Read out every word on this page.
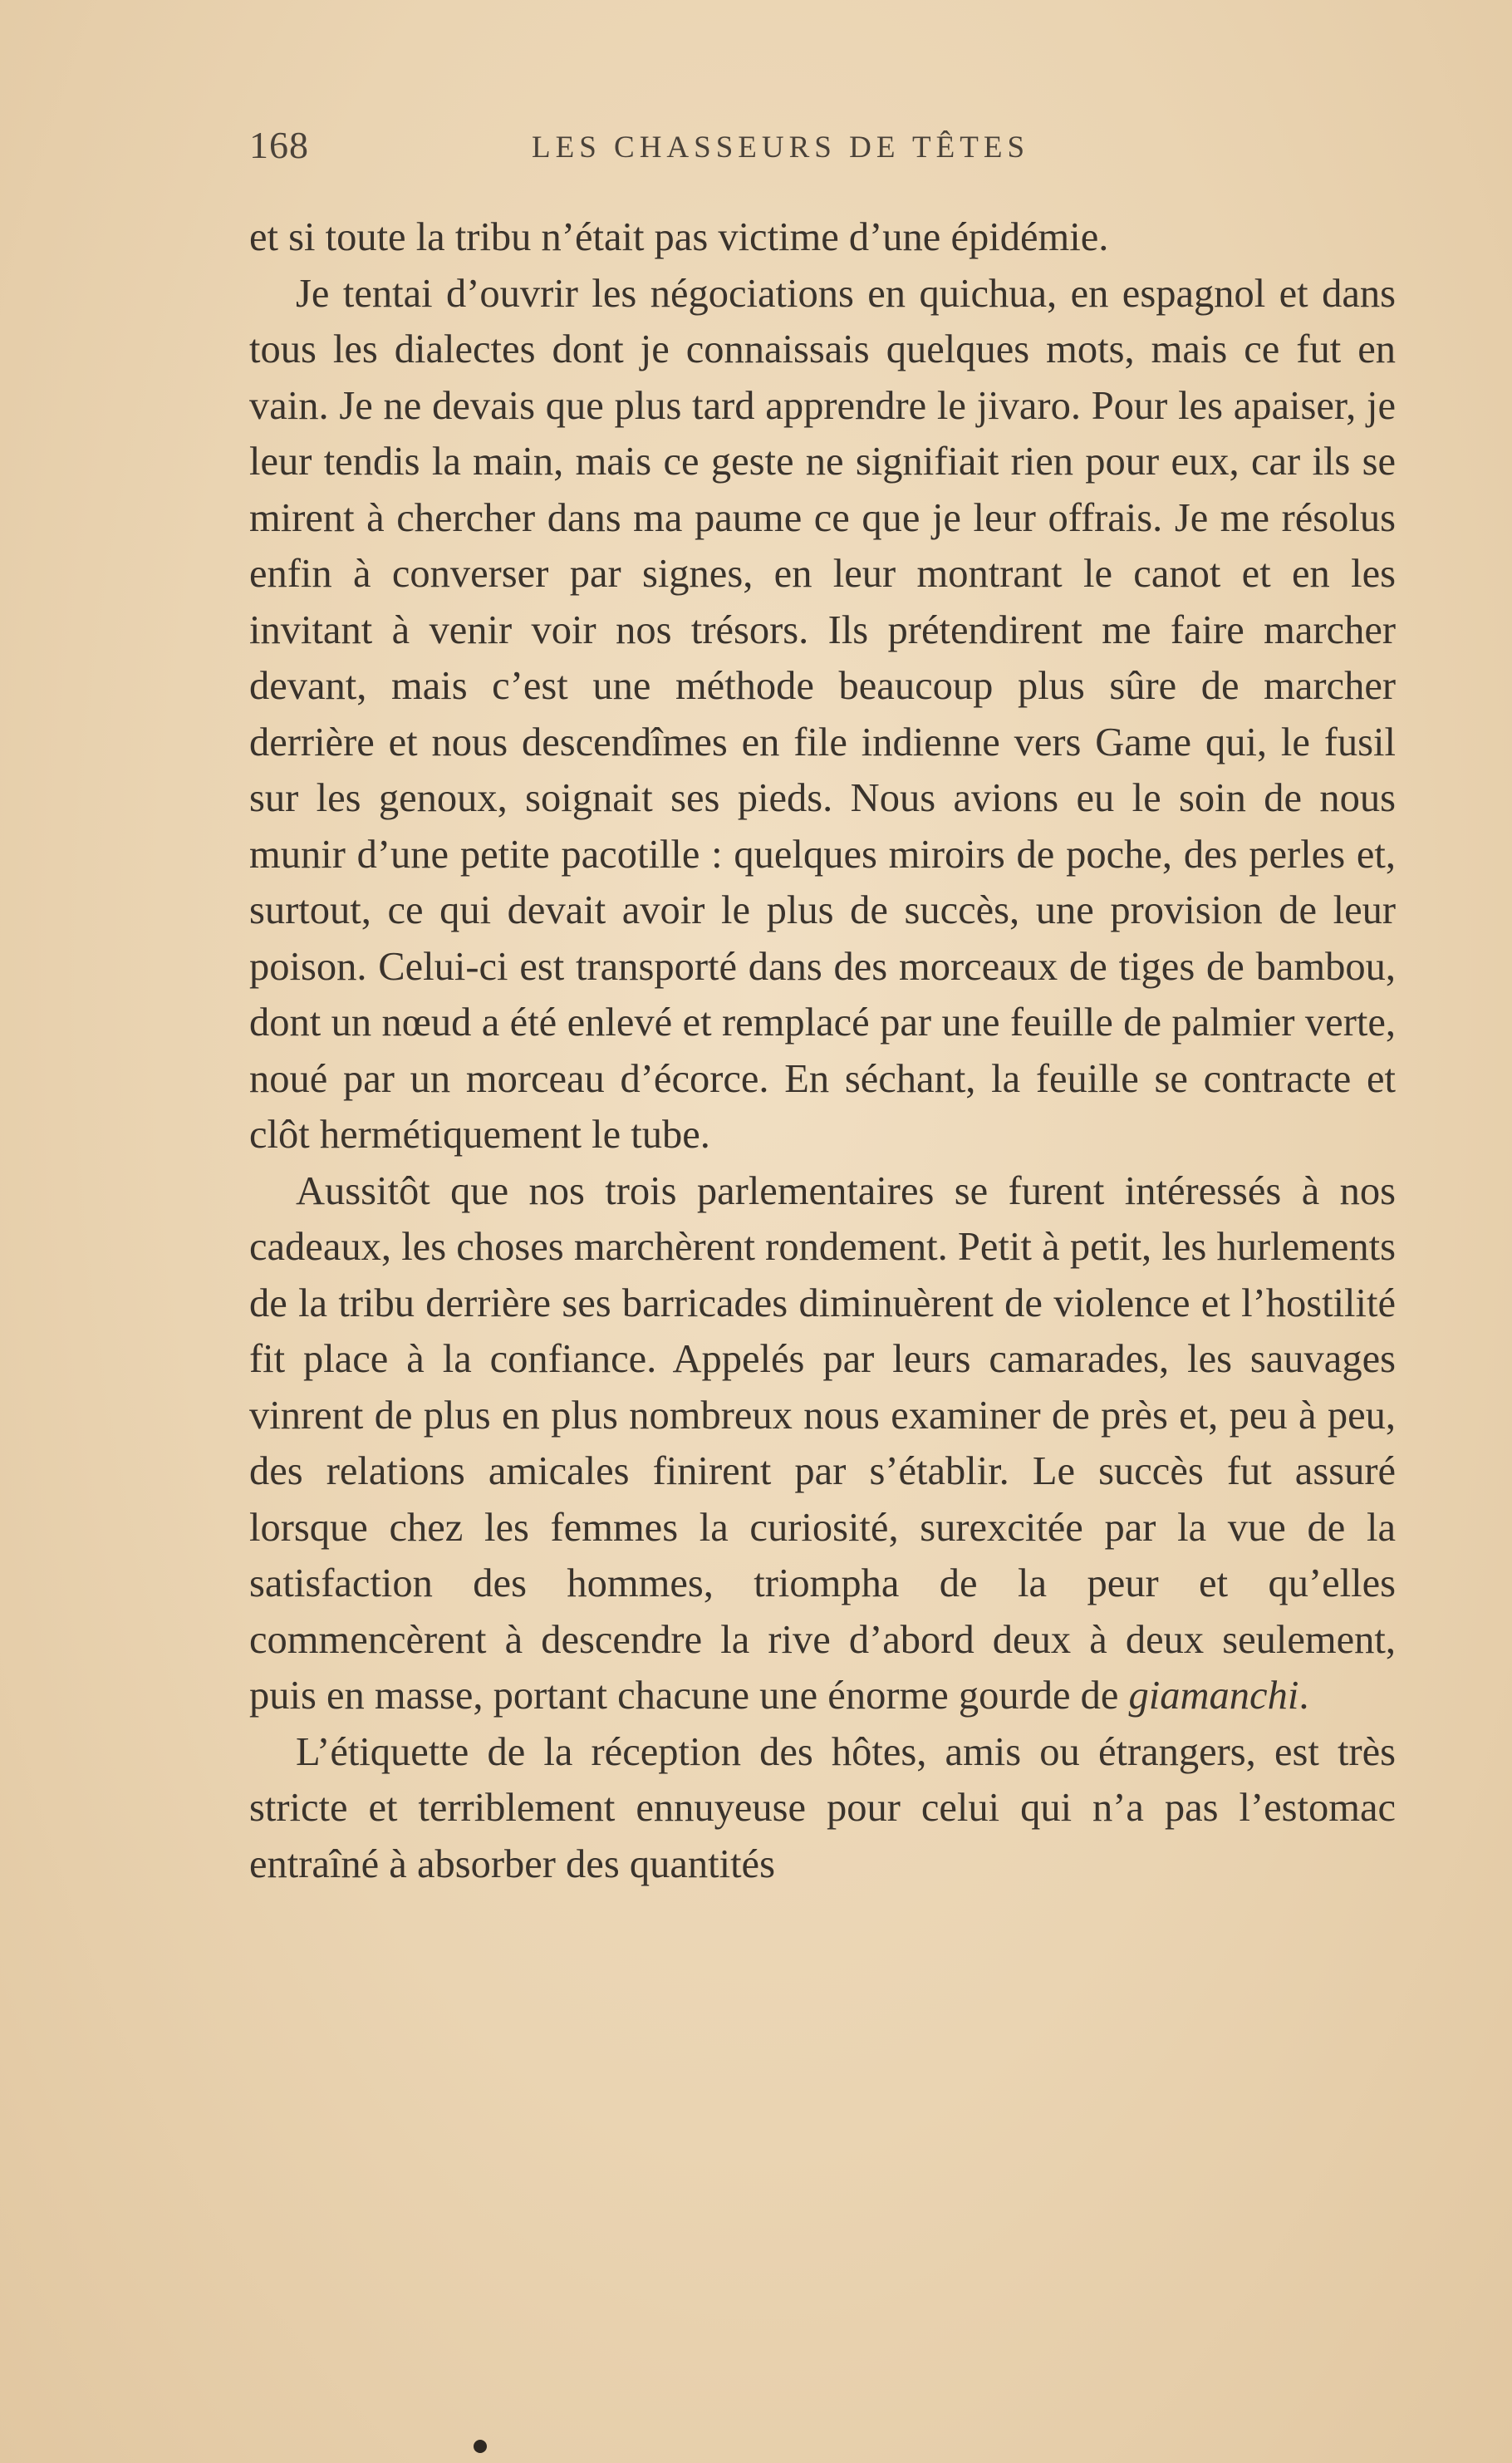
168	LES CHASSEURS DE TÊTES

et si toute la tribu n’était pas victime d’une épidémie.

Je tentai d’ouvrir les négociations en quichua, en espagnol et dans tous les dialectes dont je connaissais quelques mots, mais ce fut en vain. Je ne devais que plus tard apprendre le jivaro. Pour les apaiser, je leur tendis la main, mais ce geste ne signifiait rien pour eux, car ils se mirent à chercher dans ma paume ce que je leur offrais. Je me résolus enfin à converser par signes, en leur montrant le canot et en les invitant à venir voir nos trésors. Ils prétendirent me faire marcher devant, mais c’est une méthode beaucoup plus sûre de marcher derrière et nous descendîmes en file indienne vers Game qui, le fusil sur les genoux, soignait ses pieds. Nous avions eu le soin de nous munir d’une petite pacotille : quelques miroirs de poche, des perles et, surtout, ce qui devait avoir le plus de succès, une provision de leur poison. Celui-ci est transporté dans des morceaux de tiges de bambou, dont un nœud a été enlevé et remplacé par une feuille de palmier verte, noué par un morceau d’écorce. En séchant, la feuille se contracte et clôt hermétiquement le tube.

Aussitôt que nos trois parlementaires se furent intéressés à nos cadeaux, les choses marchèrent rondement. Petit à petit, les hurlements de la tribu derrière ses barricades diminuèrent de violence et l’hostilité fit place à la confiance. Appelés par leurs camarades, les sauvages vinrent de plus en plus nombreux nous examiner de près et, peu à peu, des relations amicales finirent par s’établir. Le succès fut assuré lorsque chez les femmes la curiosité, surexcitée par la vue de la satisfaction des hommes, triompha de la peur et qu’elles commencèrent à descendre la rive d’abord deux à deux seulement, puis en masse, portant chacune une énorme gourde de giamanchi.

L’étiquette de la réception des hôtes, amis ou étrangers, est très stricte et terriblement ennuyeuse pour celui qui n’a pas l’estomac entraîné à absorber des quantités
